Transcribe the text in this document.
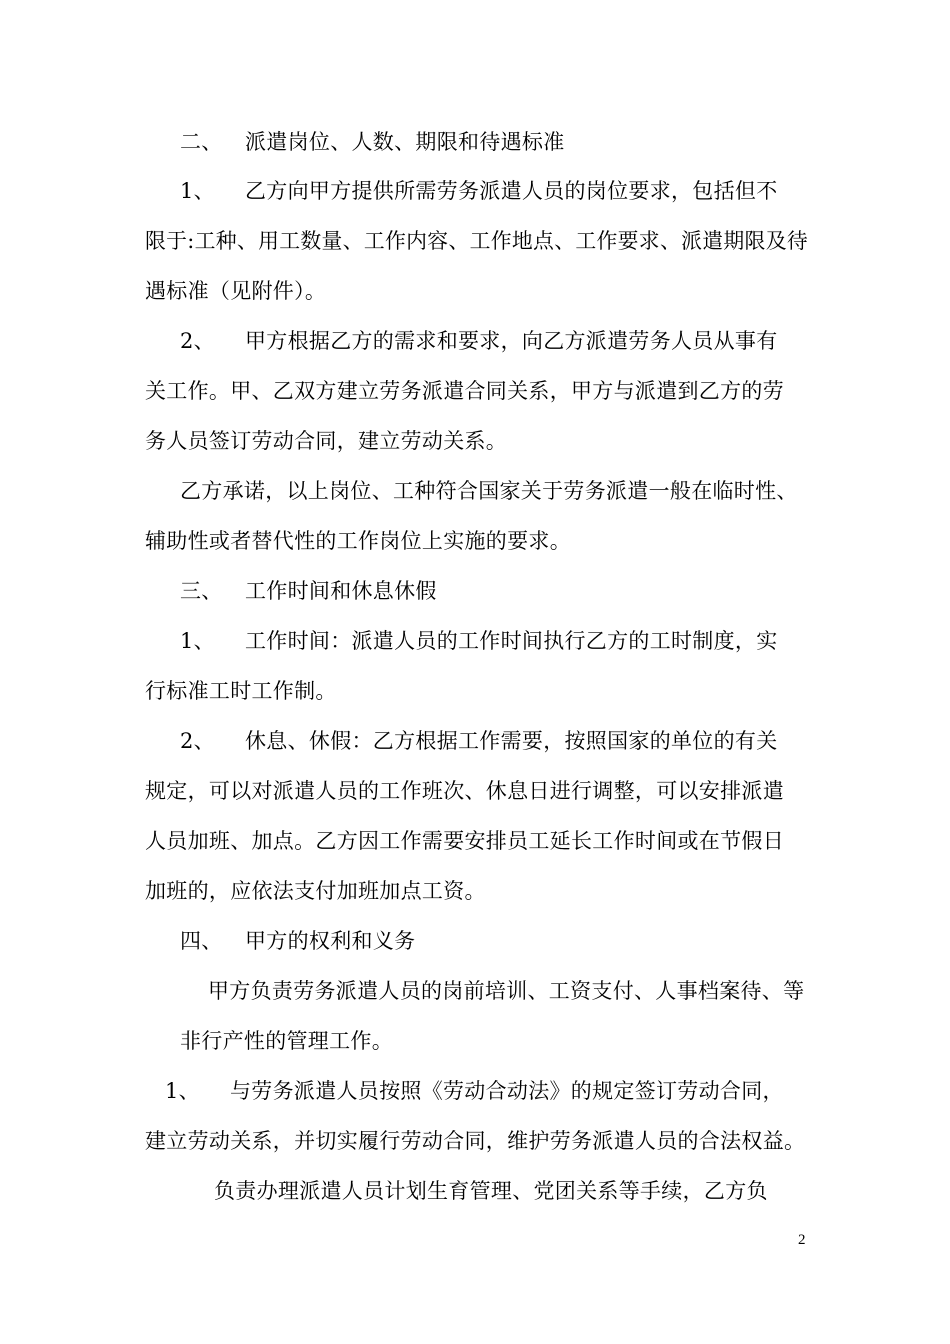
二、 派遣岗位、人数、期限和待遇标准
1、 乙方向甲方提供所需劳务派遣人员的岗位要求，包括但不
限于:工种、用工数量、工作内容、工作地点、工作要求、派遣期限及待
遇标准（见附件）。
2、 甲方根据乙方的需求和要求，向乙方派遣劳务人员从事有
关工作。甲、乙双方建立劳务派遣合同关系，甲方与派遣到乙方的劳
务人员签订劳动合同，建立劳动关系。
乙方承诺，以上岗位、工种符合国家关于劳务派遣一般在临时性、
辅助性或者替代性的工作岗位上实施的要求。
三、 工作时间和休息休假
1、 工作时间：派遣人员的工作时间执行乙方的工时制度，实
行标准工时工作制。
2、 休息、休假：乙方根据工作需要，按照国家的单位的有关
规定，可以对派遣人员的工作班次、休息日进行调整，可以安排派遣
人员加班、加点。乙方因工作需要安排员工延长工作时间或在节假日
加班的，应依法支付加班加点工资。
四、 甲方的权利和义务
甲方负责劳务派遣人员的岗前培训、工资支付、人事档案待、等
非行产性的管理工作。
1、 与劳务派遣人员按照《劳动合动法》的规定签订劳动合同，
建立劳动关系，并切实履行劳动合同，维护劳务派遣人员的合法权益。
负责办理派遣人员计划生育管理、党团关系等手续，乙方负
2
